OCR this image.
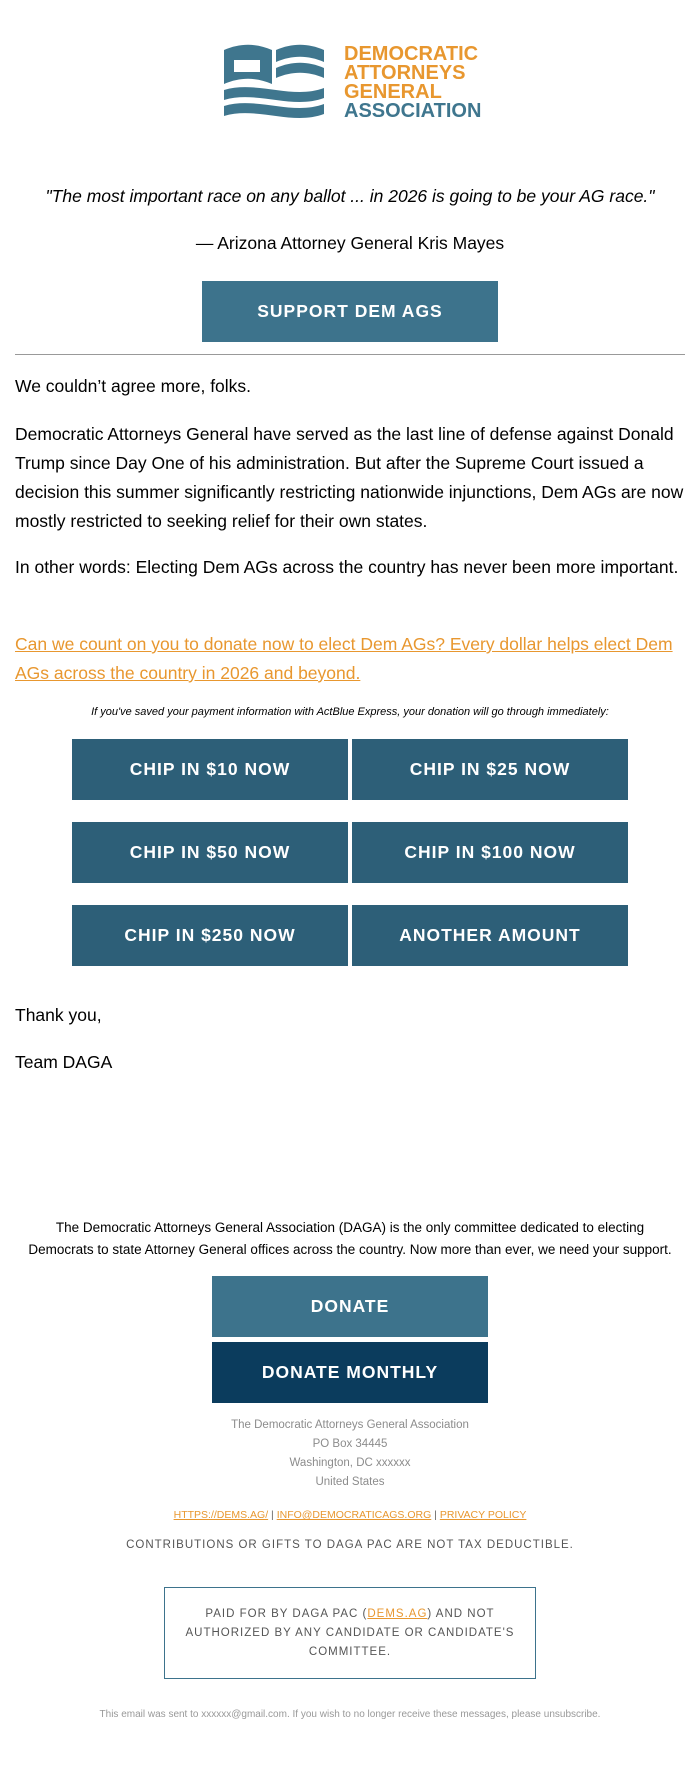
DEMOCRATIC
ATTORNEYS
GENERAL
ASSOCIATION
"The most important race on any ballot ... in 2026 is going to be your AG race."
— Arizona Attorney General Kris Mayes
SUPPORT DEM AGS
We couldn’t agree more, folks.
Democratic Attorneys General have served as the last line of defense against Donald Trump since Day One of his administration. But after the Supreme Court issued a decision this summer significantly restricting nationwide injunctions, Dem AGs are now mostly restricted to seeking relief for their own states.
In other words: Electing Dem AGs across the country has never been more important.
Can we count on you to donate now to elect Dem AGs? Every dollar helps elect Dem AGs across the country in 2026 and beyond.
If you've saved your payment information with ActBlue Express, your donation will go through immediately:
CHIP IN $10 NOW	CHIP IN $25 NOW
CHIP IN $50 NOW	CHIP IN $100 NOW
CHIP IN $250 NOW	ANOTHER AMOUNT
Thank you,
Team DAGA
The Democratic Attorneys General Association (DAGA) is the only committee dedicated to electing
Democrats to state Attorney General offices across the country. Now more than ever, we need your support.
DONATE
DONATE MONTHLY
The Democratic Attorneys General Association
PO Box 34445
Washington, DC xxxxxx
United States
HTTPS://DEMS.AG/ | INFO@DEMOCRATICAGS.ORG | PRIVACY POLICY
CONTRIBUTIONS OR GIFTS TO DAGA PAC ARE NOT TAX DEDUCTIBLE.
PAID FOR BY DAGA PAC (DEMS.AG) AND NOT AUTHORIZED BY ANY CANDIDATE OR CANDIDATE'S COMMITTEE.
This email was sent to xxxxxx@gmail.com. If you wish to no longer receive these messages, please unsubscribe.
